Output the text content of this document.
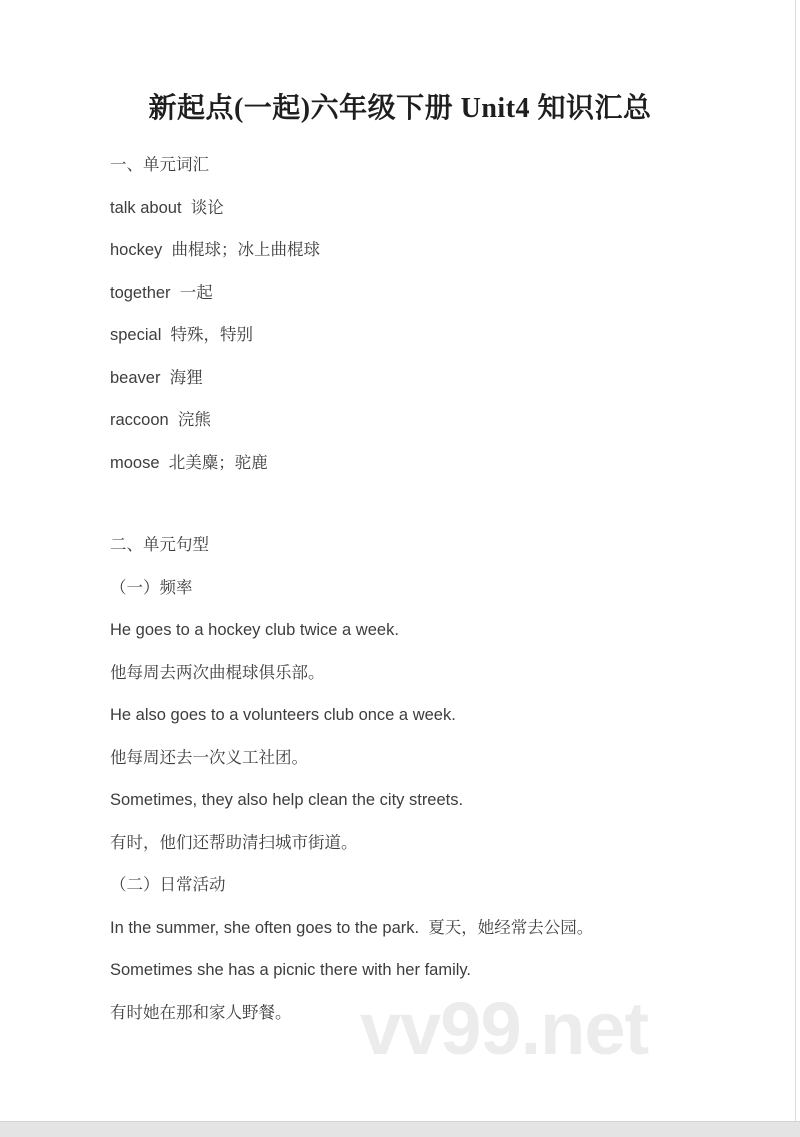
新起点(一起)六年级下册 Unit4 知识汇总

一、单元词汇

talk about  谈论

hockey  曲棍球；冰上曲棍球

together  一起

special  特殊，特别

beaver  海狸

raccoon  浣熊

moose  北美麋；驼鹿

二、单元句型

（一）频率

He goes to a hockey club twice a week.

他每周去两次曲棍球俱乐部。

He also goes to a volunteers club once a week.

他每周还去一次义工社团。

Sometimes, they also help clean the city streets.

有时，他们还帮助清扫城市街道。

（二）日常活动

In the summer, she often goes to the park.  夏天，她经常去公园。

Sometimes she has a picnic there with her family.

有时她在那和家人野餐。 vv99.net
